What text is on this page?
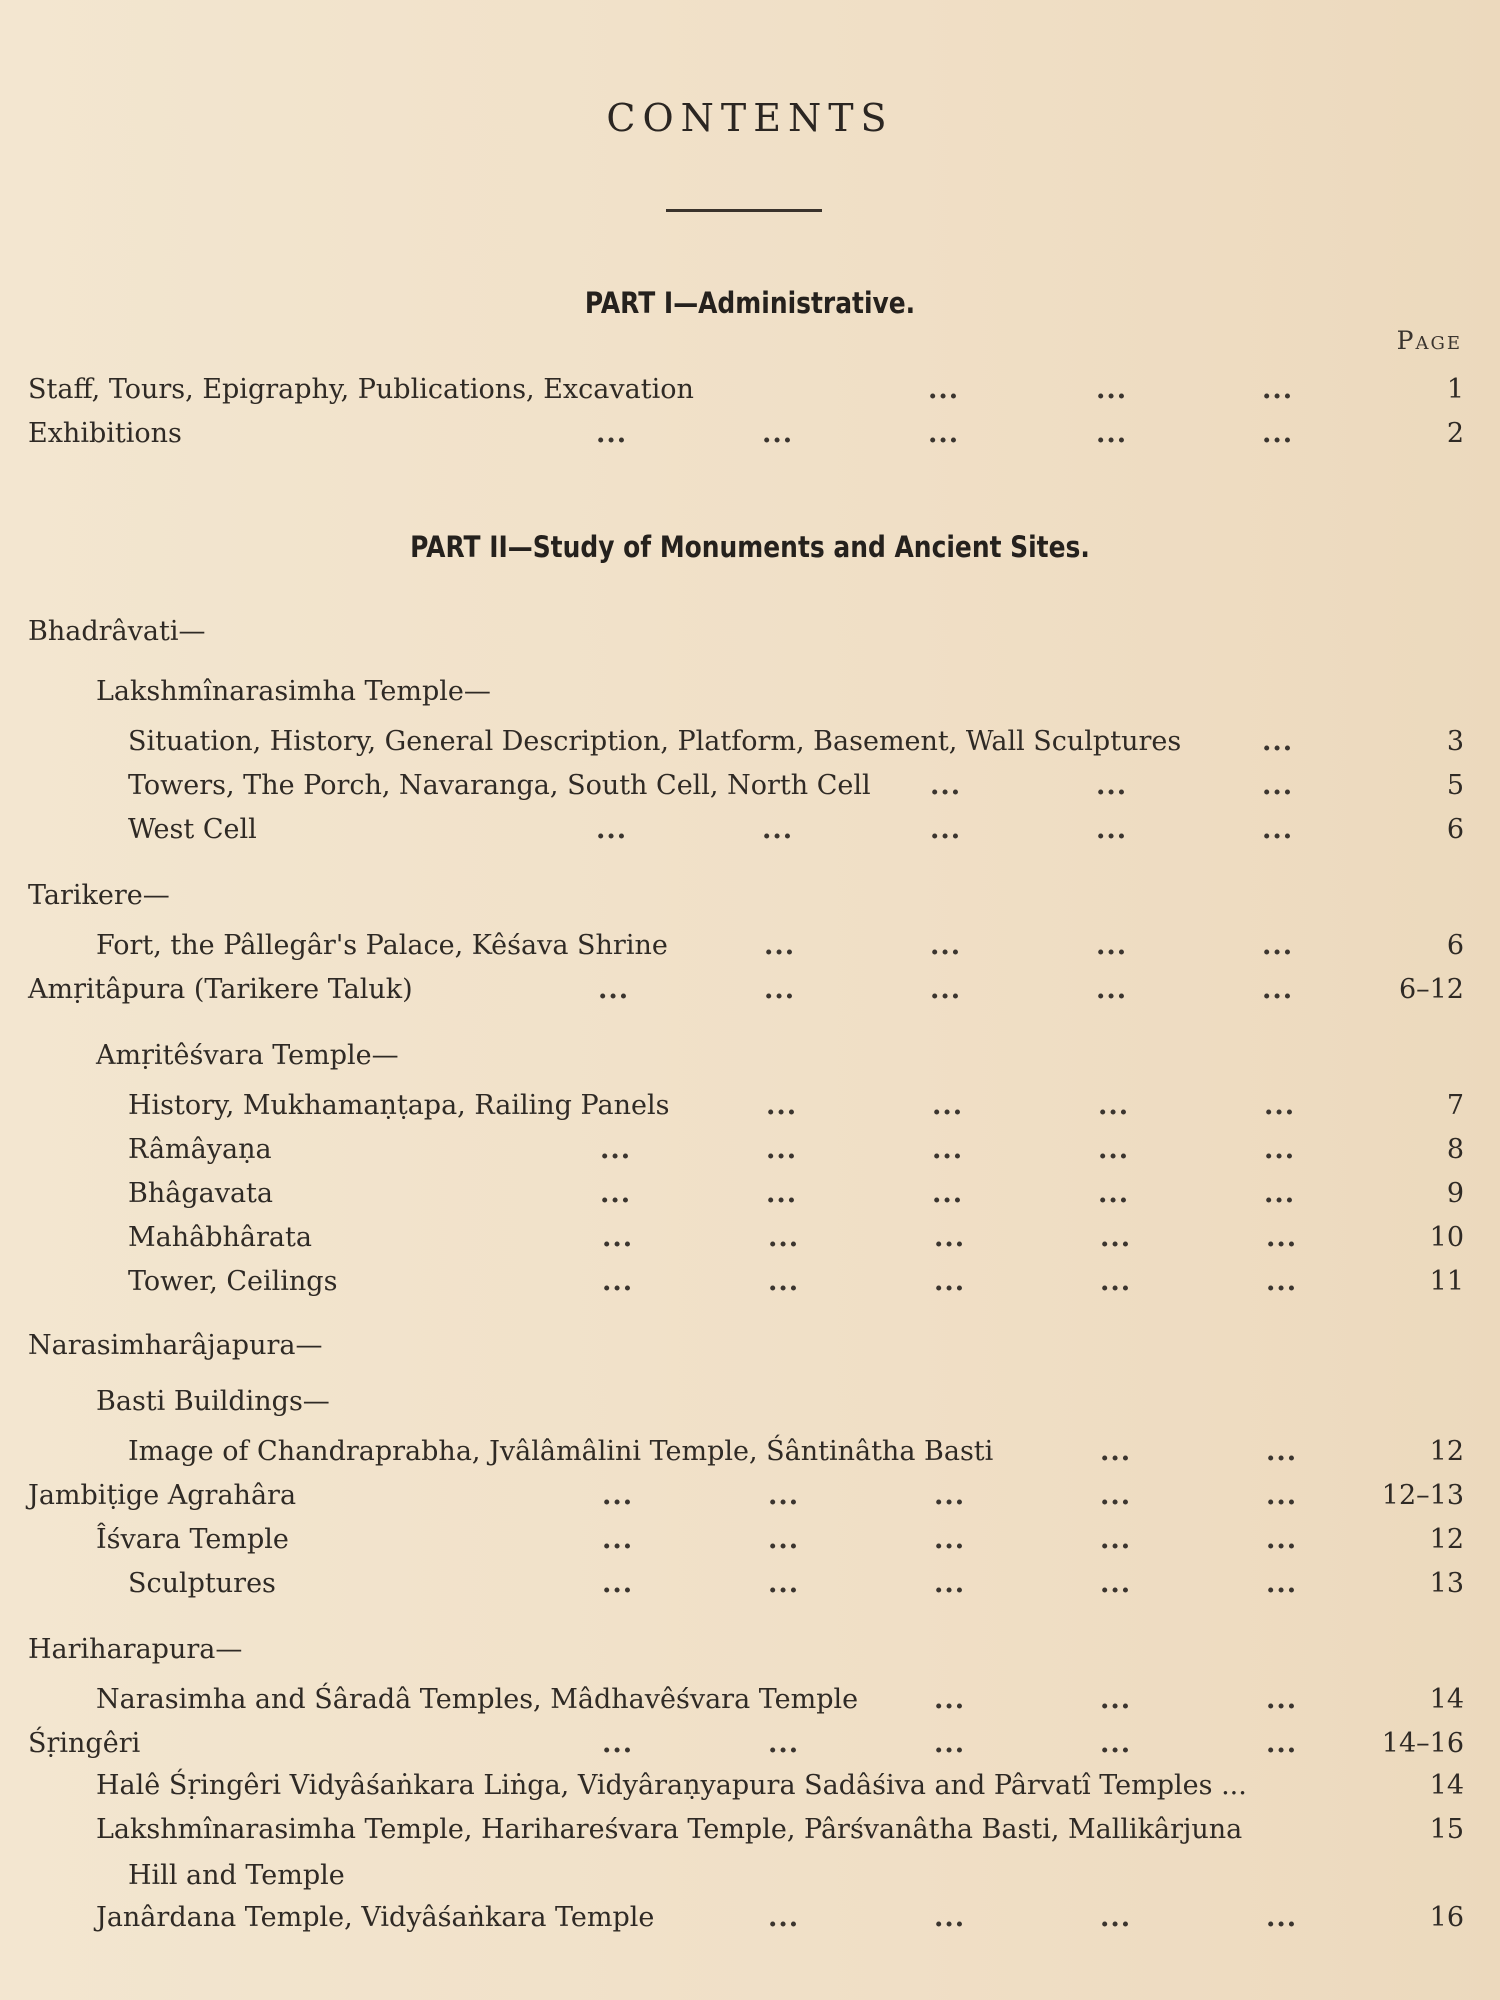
CONTENTS
PART I—Administrative.
Page
Staff, Tours, Epigraphy, Publications, Excavation	...	...	...	1
Exhibitions	...	...	...	...	...	2
PART II—Study of Monuments and Ancient Sites.
Bhadrâvati—
Lakshmînarasimha Temple—
Situation, History, General Description, Platform, Basement, Wall Sculptures	...	3
Towers, The Porch, Navaranga, South Cell, North Cell ...	...	...	5
West Cell	...	...	...	...	...	6
Tarikere—
Fort, the Pâllegâr's Palace, Kêśava Shrine	...	...	...	...	6
Amṛitâpura (Tarikere Taluk)	...	...	...	...	...	6–12
Amṛitêśvara Temple—
History, Mukhamaṇṭapa, Railing Panels	...	...	...	...	7
Râmâyaṇa	...	...	...	...	...	8
Bhâgavata	...	...	...	...	...	9
Mahâbhârata	...	...	...	...	...	10
Tower, Ceilings	...	...	...	...	...	11
Narasimharâjapura—
Basti Buildings—
Image of Chandraprabha, Jvâlâmâlini Temple, Śântinâtha Basti	...	...	12
Jambiṭige Agrahâra	...	...	...	...	...	12–13
Îśvara Temple	...	...	...	...	...	12
Sculptures	...	...	...	...	...	13
Hariharapura—
Narasimha and Śâradâ Temples, Mâdhavêśvara Temple	...	...	...	14
Śṛingêri	...	...	...	...	...	14–16
Halê Śṛingêri Vidyâśaṅkara Liṅga, Vidyâraṇyapura Sadâśiva and Pârvatî Temples ...	14
Lakshmînarasimha Temple, Harihareśvara Temple, Pârśvanâtha Basti, Mallikârjuna	15
Hill and Temple
Janârdana Temple, Vidyâśaṅkara Temple	...	...	...	...	16
